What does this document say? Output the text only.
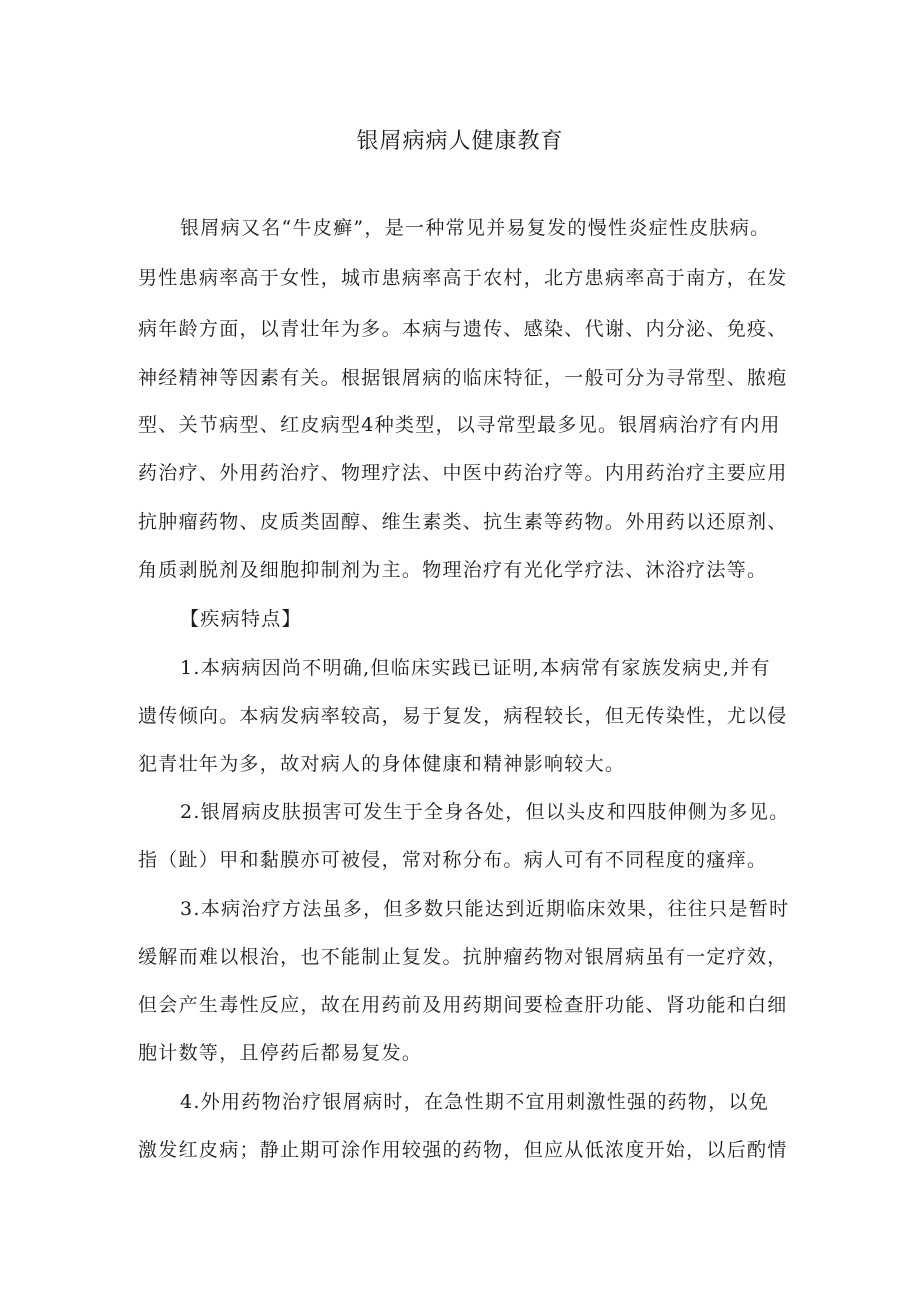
银屑病病人健康教育
银屑病又名“牛皮癣”，是一种常见并易复发的慢性炎症性皮肤病。
男性患病率高于女性，城市患病率高于农村，北方患病率高于南方，在发
病年龄方面，以青壮年为多。本病与遗传、感染、代谢、内分泌、免疫、
神经精神等因素有关。根据银屑病的临床特征，一般可分为寻常型、脓疱
型、关节病型、红皮病型4种类型，以寻常型最多见。银屑病治疗有内用
药治疗、外用药治疗、物理疗法、中医中药治疗等。内用药治疗主要应用
抗肿瘤药物、皮质类固醇、维生素类、抗生素等药物。外用药以还原剂、
角质剥脱剂及细胞抑制剂为主。物理治疗有光化学疗法、沐浴疗法等。
【疾病特点】
1.本病病因尚不明确,但临床实践已证明,本病常有家族发病史,并有
遗传倾向。本病发病率较高，易于复发，病程较长，但无传染性，尤以侵
犯青壮年为多，故对病人的身体健康和精神影响较大。
2.银屑病皮肤损害可发生于全身各处，但以头皮和四肢伸侧为多见。
指（趾）甲和黏膜亦可被侵，常对称分布。病人可有不同程度的瘙痒。
3.本病治疗方法虽多，但多数只能达到近期临床效果，往往只是暂时
缓解而难以根治，也不能制止复发。抗肿瘤药物对银屑病虽有一定疗效，
但会产生毒性反应，故在用药前及用药期间要检查肝功能、肾功能和白细
胞计数等，且停药后都易复发。
4.外用药物治疗银屑病时，在急性期不宜用刺激性强的药物，以免
激发红皮病；静止期可涂作用较强的药物，但应从低浓度开始，以后酌情
